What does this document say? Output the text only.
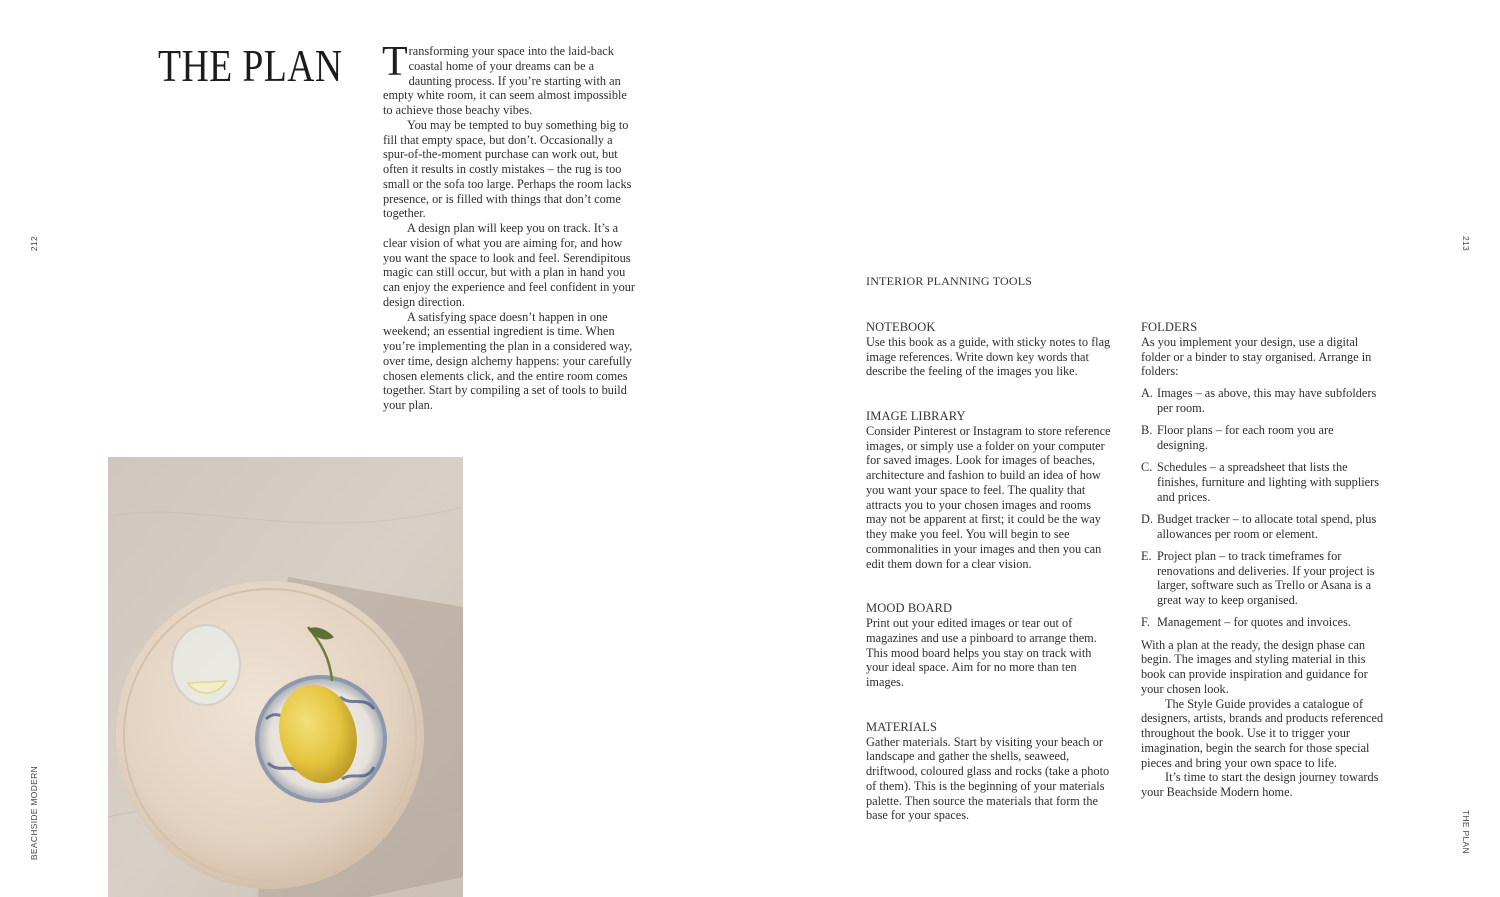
THE PLAN Transforming your space into the laid-back coastal home of your dreams can be a daunting process. If you’re starting with an empty white room, it can seem almost impossible to achieve those beachy vibes.

You may be tempted to buy something big to fill that empty space, but don’t. Occasionally a spur-of-the-moment purchase can work out, but often it results in costly mistakes – the rug is too small or the sofa too large. Perhaps the room lacks presence, or is filled with things that don’t come together.

A design plan will keep you on track. It’s a clear vision of what you are aiming for, and how you want the space to look and feel. Serendipitous magic can still occur, but with a plan in hand you can enjoy the experience and feel confident in your design direction.

A satisfying space doesn’t happen in one weekend; an essential ingredient is time. When you’re implementing the plan in a considered way, over time, design alchemy happens: your carefully chosen elements click, and the entire room comes together. Start by compiling a set of tools to build your plan.

212
BEACHSIDE MODERN
213
THE PLAN
INTERIOR PLANNING TOOLS
NOTEBOOK

Use this book as a guide, with sticky notes to flag image references. Write down key words that describe the feeling of the images you like.

IMAGE LIBRARY

Consider Pinterest or Instagram to store reference images, or simply use a folder on your computer for saved images. Look for images of beaches, architecture and fashion to build an idea of how you want your space to feel. The quality that attracts you to your chosen images and rooms may not be apparent at first; it could be the way they make you feel. You will begin to see commonalities in your images and then you can edit them down for a clear vision.

MOOD BOARD

Print out your edited images or tear out of magazines and use a pinboard to arrange them. This mood board helps you stay on track with your ideal space. Aim for no more than ten images.

MATERIALS

Gather materials. Start by visiting your beach or landscape and gather the shells, seaweed, driftwood, coloured glass and rocks (take a photo of them). This is the beginning of your materials palette. Then source the materials that form the base for your spaces.

FOLDERS

As you implement your design, use a digital folder or a binder to stay organised. Arrange in folders:

A. Images – as above, this may have subfolders per room.
B. Floor plans – for each room you are designing.
C. Schedules – a spreadsheet that lists the finishes, furniture and lighting with suppliers and prices.
D. Budget tracker – to allocate total spend, plus allowances per room or element.
E. Project plan – to track timeframes for renovations and deliveries. If your project is larger, software such as Trello or Asana is a great way to keep organised.
F. Management – for quotes and invoices.

With a plan at the ready, the design phase can begin. The images and styling material in this book can provide inspiration and guidance for your chosen look.

The Style Guide provides a catalogue of designers, artists, brands and products referenced throughout the book. Use it to trigger your imagination, begin the search for those special pieces and bring your own space to life.

It’s time to start the design journey towards your Beachside Modern home.
